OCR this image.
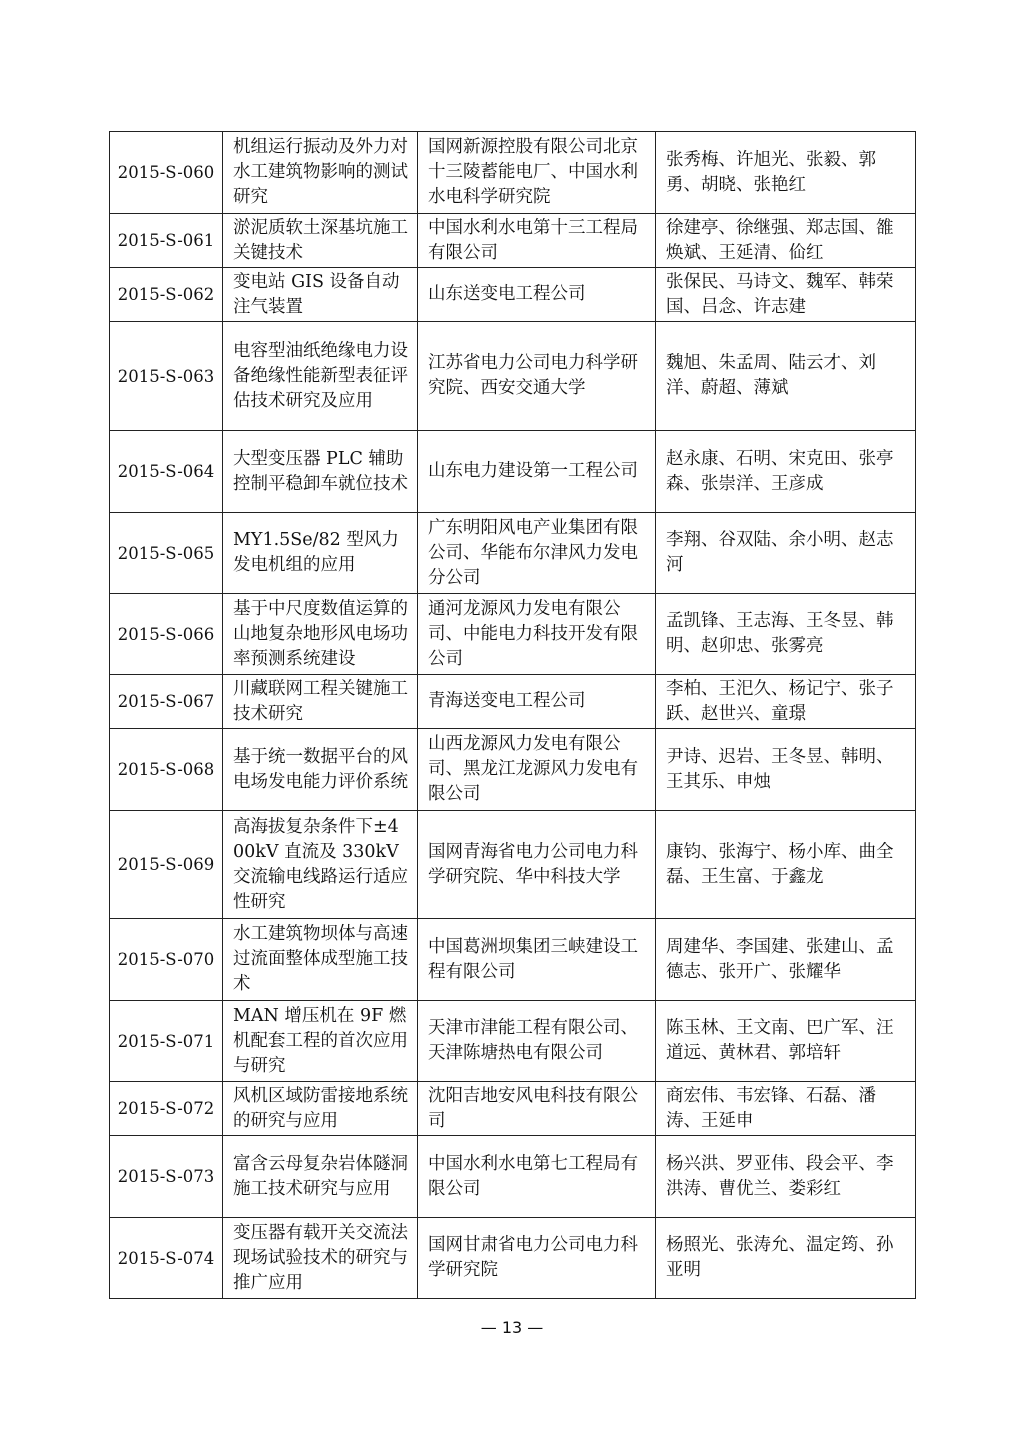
2015-S-060	机组运行振动及外力对水工建筑物影响的测试研究	国网新源控股有限公司北京十三陵蓄能电厂、中国水利水电科学研究院	张秀梅、许旭光、张毅、郭勇、胡晓、张艳红
2015-S-061	淤泥质软土深基坑施工关键技术	中国水利水电第十三工程局有限公司	徐建亭、徐继强、郑志国、雒焕斌、王延清、佡红
2015-S-062	变电站 GIS 设备自动注气装置	山东送变电工程公司	张保民、马诗文、魏军、韩荣国、吕念、许志建
2015-S-063	电容型油纸绝缘电力设备绝缘性能新型表征评估技术研究及应用	江苏省电力公司电力科学研究院、西安交通大学	魏旭、朱孟周、陆云才、刘洋、蔚超、薄斌
2015-S-064	大型变压器 PLC 辅助控制平稳卸车就位技术	山东电力建设第一工程公司	赵永康、石明、宋克田、张亭森、张崇洋、王彦成
2015-S-065	MY1.5Se/82 型风力发电机组的应用	广东明阳风电产业集团有限公司、华能布尔津风力发电分公司	李翔、谷双陆、余小明、赵志河
2015-S-066	基于中尺度数值运算的山地复杂地形风电场功率预测系统建设	通河龙源风力发电有限公司、中能电力科技开发有限公司	孟凯锋、王志海、王冬昱、韩明、赵卯忠、张雾亮
2015-S-067	川藏联网工程关键施工技术研究	青海送变电工程公司	李柏、王汜久、杨记宁、张子跃、赵世兴、童璟
2015-S-068	基于统一数据平台的风电场发电能力评价系统	山西龙源风力发电有限公司、黑龙江龙源风力发电有限公司	尹诗、迟岩、王冬昱、韩明、王其乐、申烛
2015-S-069	高海拔复杂条件下±400kV 直流及 330kV 交流输电线路运行适应性研究	国网青海省电力公司电力科学研究院、华中科技大学	康钧、张海宁、杨小库、曲全磊、王生富、于鑫龙
2015-S-070	水工建筑物坝体与高速过流面整体成型施工技术	中国葛洲坝集团三峡建设工程有限公司	周建华、李国建、张建山、孟德志、张开广、张耀华
2015-S-071	MAN 增压机在 9F 燃机配套工程的首次应用与研究	天津市津能工程有限公司、天津陈塘热电有限公司	陈玉林、王文南、巴广军、汪道远、黄林君、郭培轩
2015-S-072	风机区域防雷接地系统的研究与应用	沈阳吉地安风电科技有限公司	商宏伟、韦宏锋、石磊、潘涛、王延申
2015-S-073	富含云母复杂岩体隧洞施工技术研究与应用	中国水利水电第七工程局有限公司	杨兴洪、罗亚伟、段会平、李洪涛、曹优兰、娄彩红
2015-S-074	变压器有载开关交流法现场试验技术的研究与推广应用	国网甘肃省电力公司电力科学研究院	杨照光、张涛允、温定筠、孙亚明
— 13 —
